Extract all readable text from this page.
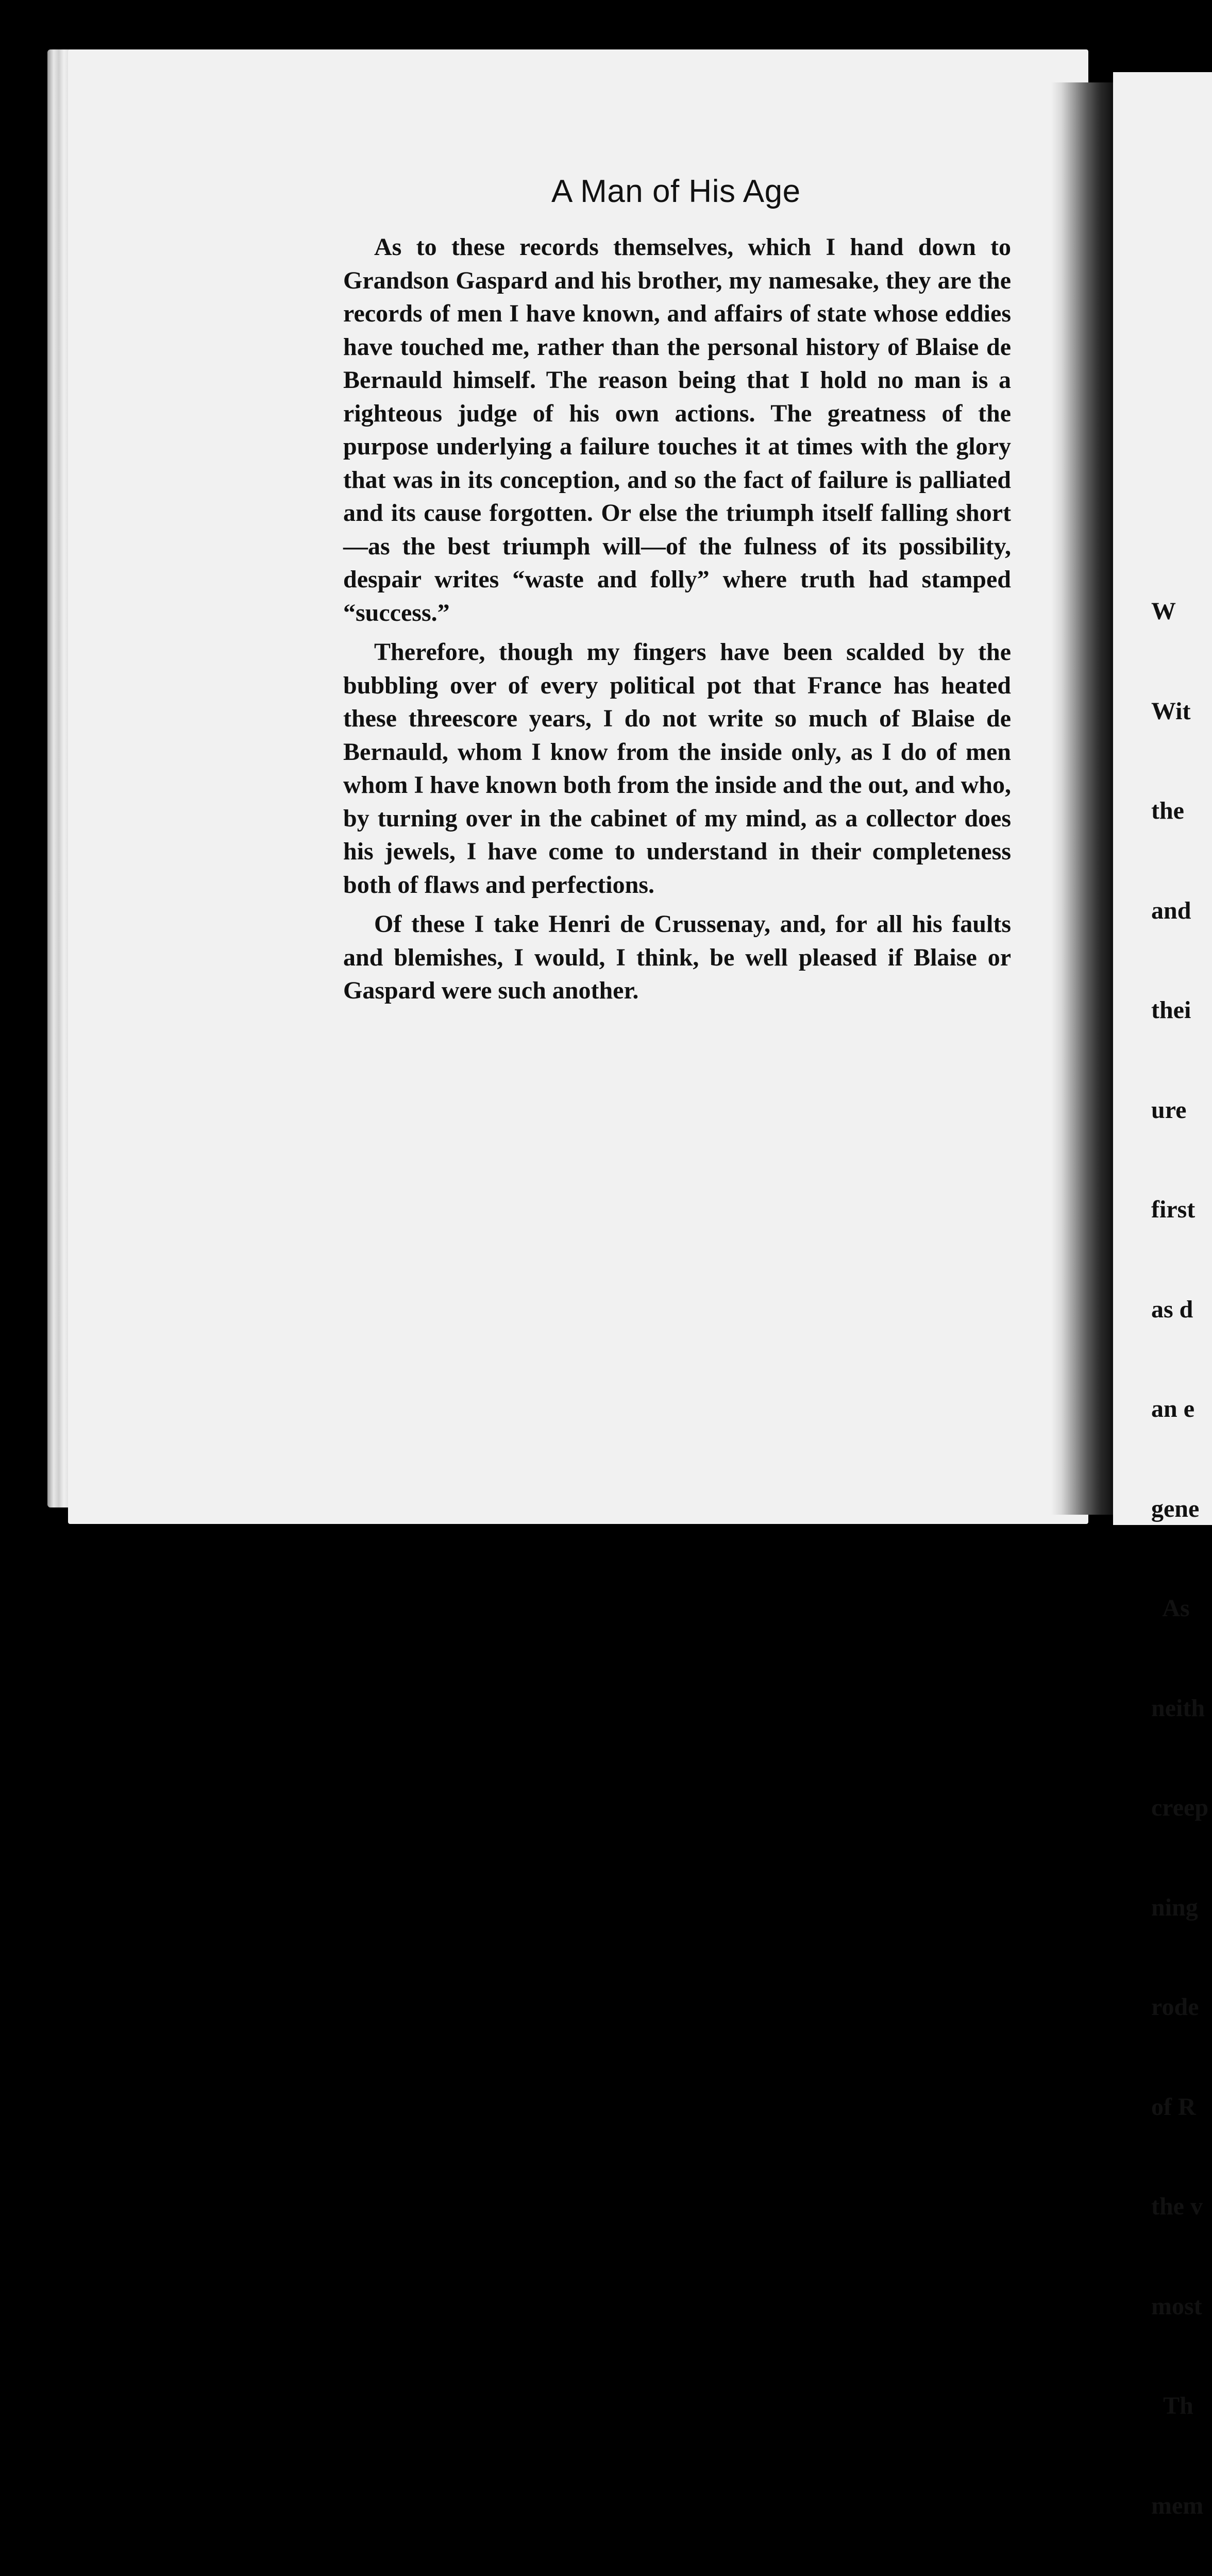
A Man of His Age

As to these records themselves, which I hand down to Grandson Gaspard and his brother, my namesake, they are the records of men I have known, and affairs of state whose eddies have touched me, rather than the personal history of Blaise de Bernauld himself. The reason being that I hold no man is a righteous judge of his own actions. The greatness of the purpose underlying a failure touches it at times with the glory that was in its conception, and so the fact of failure is palliated and its cause forgotten. Or else the triumph itself falling short—as the best triumph will—of the fulness of its possibility, despair writes “waste and folly” where truth had stamped “success.”

Therefore, though my fingers have been scalded by the bubbling over of every political pot that France has heated these threescore years, I do not write so much of Blaise de Bernauld, whom I know from the inside only, as I do of men whom I have known both from the inside and the out, and who, by turning over in the cabinet of my mind, as a collector does his jewels, I have come to understand in their completeness both of flaws and perfections.

Of these I take Henri de Crussenay, and, for all his faults and blemishes, I would, I think, be well pleased if Blaise or Gaspard were such another.

W

Wit

the

and

thei

ure

first

as d

an e

gene

As

neith

creep

ning

rode

of R

the v

most

Th

mem
